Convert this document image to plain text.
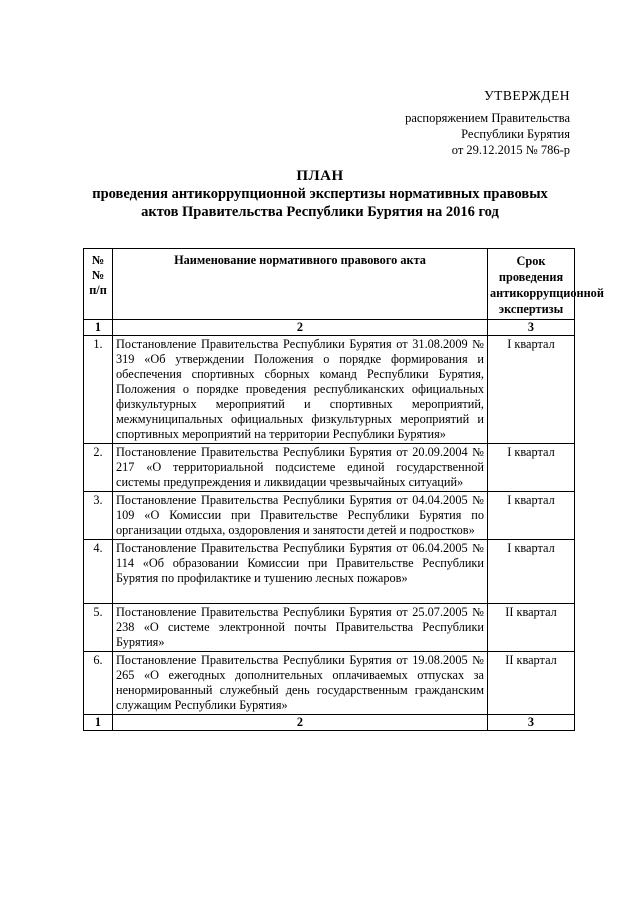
УТВЕРЖДЕН
распоряжением Правительства
Республики Бурятия
от 29.12.2015 № 786-р
ПЛАН
проведения антикоррупционной экспертизы нормативных правовых
актов Правительства Республики Бурятия на 2016 год
№№
п/п	Наименование нормативного правового акта	Срок проведения антикоррупционной экспертизы
1	2	3
1.	Постановление Правительства Республики Бурятия от 31.08.2009 № 319 «Об утверждении Положения о порядке формирования и обеспечения спортивных сборных команд Республики Бурятия, Положения о порядке проведения республиканских официальных физкультурных мероприятий и спортивных мероприятий, межмуниципальных официальных физкультурных мероприятий и спортивных мероприятий на территории Республики Бурятия»	I квартал
2.	Постановление Правительства Республики Бурятия от 20.09.2004 № 217 «О территориальной подсистеме единой государственной системы предупреждения и ликвидации чрезвычайных ситуаций»	I квартал
3.	Постановление Правительства Республики Бурятия от 04.04.2005 № 109 «О Комиссии при Правительстве Республики Бурятия по организации отдыха, оздоровления и занятости детей и подростков»	I квартал
4.	Постановление Правительства Республики Бурятия от 06.04.2005 № 114 «Об образовании Комиссии при Правительстве Республики Бурятия по профилактике и тушению лесных пожаров»	I квартал
5.	Постановление Правительства Республики Бурятия от 25.07.2005 № 238 «О системе электронной почты Правительства Республики Бурятия»	II квартал
6.	Постановление Правительства Республики Бурятия от 19.08.2005 № 265 «О ежегодных дополнительных оплачиваемых отпусках за ненормированный служебный день государственным гражданским служащим Республики Бурятия»	II квартал
1	2	3
